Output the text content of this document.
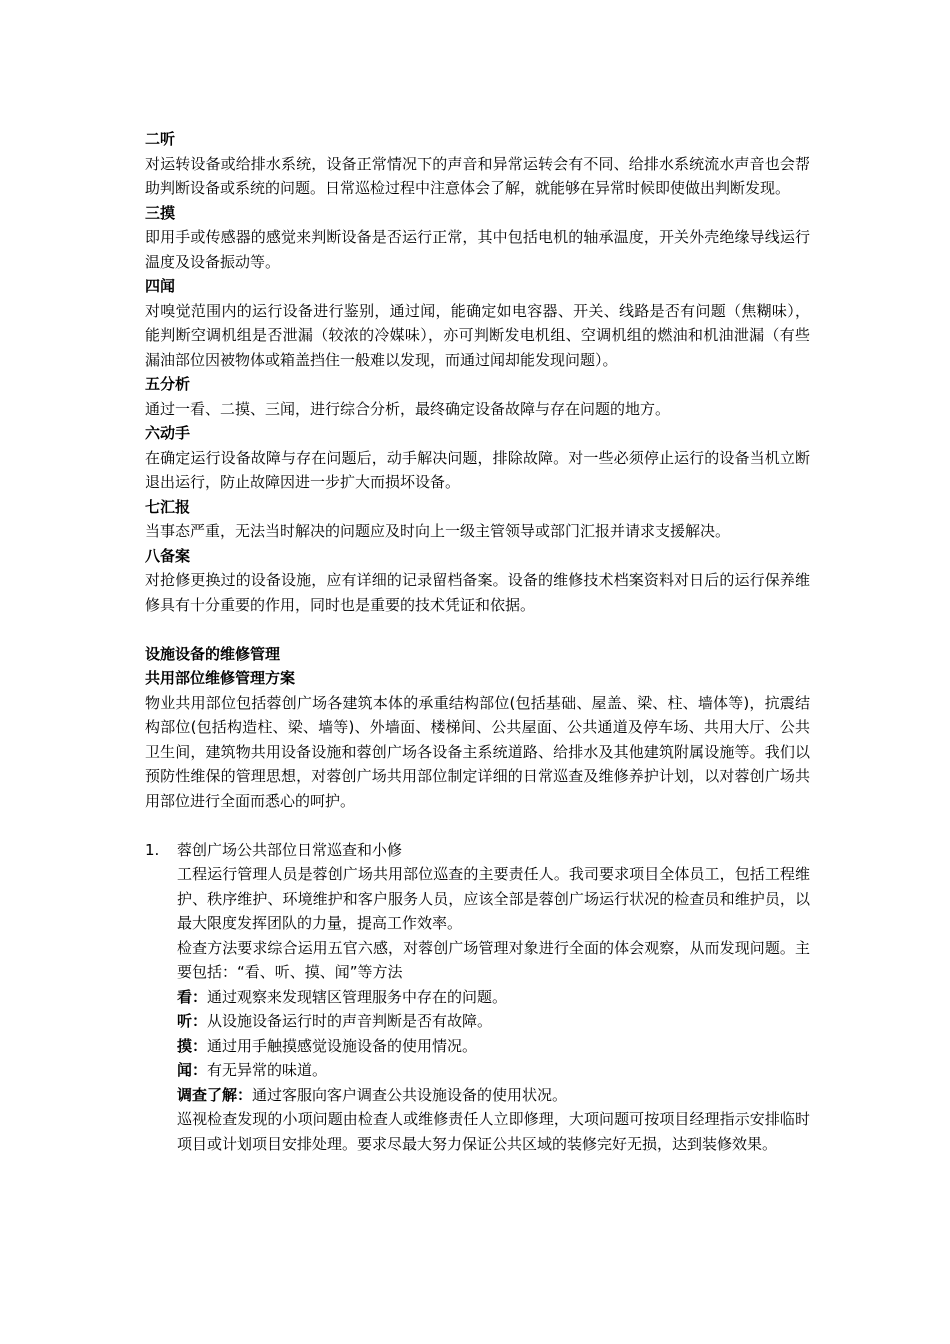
二听

对运转设备或给排水系统，设备正常情况下的声音和异常运转会有不同、给排水系统流水声音也会帮助判断设备或系统的问题。日常巡检过程中注意体会了解，就能够在异常时候即使做出判断发现。

三摸

即用手或传感器的感觉来判断设备是否运行正常，其中包括电机的轴承温度，开关外壳绝缘导线运行温度及设备振动等。

四闻

对嗅觉范围内的运行设备进行鉴别，通过闻，能确定如电容器、开关、线路是否有问题（焦糊味），能判断空调机组是否泄漏（较浓的冷媒味），亦可判断发电机组、空调机组的燃油和机油泄漏（有些漏油部位因被物体或箱盖挡住一般难以发现，而通过闻却能发现问题）。

五分析

通过一看、二摸、三闻，进行综合分析，最终确定设备故障与存在问题的地方。

六动手

在确定运行设备故障与存在问题后，动手解决问题，排除故障。对一些必须停止运行的设备当机立断退出运行，防止故障因进一步扩大而损坏设备。

七汇报

当事态严重，无法当时解决的问题应及时向上一级主管领导或部门汇报并请求支援解决。

八备案

对抢修更换过的设备设施，应有详细的记录留档备案。设备的维修技术档案资料对日后的运行保养维修具有十分重要的作用，同时也是重要的技术凭证和依据。

设施设备的维修管理

共用部位维修管理方案

物业共用部位包括蓉创广场各建筑本体的承重结构部位(包括基础、屋盖、梁、柱、墙体等)，抗震结构部位(包括构造柱、梁、墙等)、外墙面、楼梯间、公共屋面、公共通道及停车场、共用大厅、公共卫生间，建筑物共用设备设施和蓉创广场各设备主系统道路、给排水及其他建筑附属设施等。我们以预防性维保的管理思想，对蓉创广场共用部位制定详细的日常巡查及维修养护计划，以对蓉创广场共用部位进行全面而悉心的呵护。

1.	蓉创广场公共部位日常巡查和小修

工程运行管理人员是蓉创广场共用部位巡查的主要责任人。我司要求项目全体员工，包括工程维护、秩序维护、环境维护和客户服务人员，应该全部是蓉创广场运行状况的检查员和维护员，以最大限度发挥团队的力量，提高工作效率。

检查方法要求综合运用五官六感，对蓉创广场管理对象进行全面的体会观察，从而发现问题。主要包括：“看、听、摸、闻”等方法

看：通过观察来发现辖区管理服务中存在的问题。

听：从设施设备运行时的声音判断是否有故障。

摸：通过用手触摸感觉设施设备的使用情况。

闻：有无异常的味道。

调查了解：通过客服向客户调查公共设施设备的使用状况。

巡视检查发现的小项问题由检查人或维修责任人立即修理，大项问题可按项目经理指示安排临时项目或计划项目安排处理。要求尽最大努力保证公共区域的装修完好无损，达到装修效果。
